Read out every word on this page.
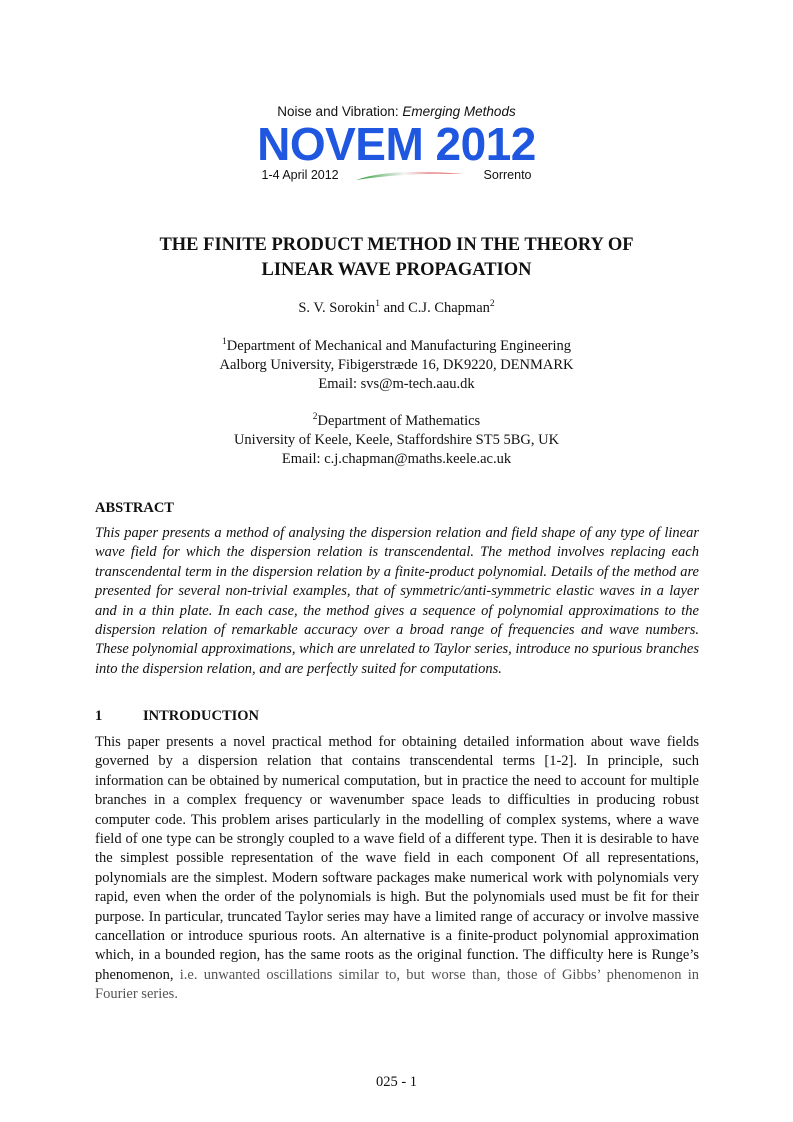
Noise and Vibration: Emerging Methods
NOVEM 2012
1-4 April 2012	Sorrento
THE FINITE PRODUCT METHOD IN THE THEORY OF
LINEAR WAVE PROPAGATION
S. V. Sorokin$^1$ and C.J. Chapman$^2$
$^1$Department of Mechanical and Manufacturing Engineering
Aalborg University, Fibigerstræde 16, DK9220, DENMARK
Email: svs@m-tech.aau.dk
$^2$Department of Mathematics
University of Keele, Keele, Staffordshire ST5 5BG, UK
Email: c.j.chapman@maths.keele.ac.uk
ABSTRACT
This paper presents a method of analysing the dispersion relation and field shape of any type of linear wave field for which the dispersion relation is transcendental. The method involves replacing each transcendental term in the dispersion relation by a finite-product polynomial. Details of the method are presented for several non-trivial examples, that of symmetric/anti-symmetric elastic waves in a layer and in a thin plate. In each case, the method gives a sequence of polynomial approximations to the dispersion relation of remarkable accuracy over a broad range of frequencies and wave numbers. These polynomial approximations, which are unrelated to Taylor series, introduce no spurious branches into the dispersion relation, and are perfectly suited for computations.
1	INTRODUCTION
This paper presents a novel practical method for obtaining detailed information about wave fields governed by a dispersion relation that contains transcendental terms [1-2]. In principle, such information can be obtained by numerical computation, but in practice the need to account for multiple branches in a complex frequency or wavenumber space leads to difficulties in producing robust computer code. This problem arises particularly in the modelling of complex systems, where a wave field of one type can be strongly coupled to a wave field of a different type. Then it is desirable to have the simplest possible representation of the wave field in each component Of all representations, polynomials are the simplest. Modern software packages make numerical work with polynomials very rapid, even when the order of the polynomials is high. But the polynomials used must be fit for their purpose. In particular, truncated Taylor series may have a limited range of accuracy or involve massive cancellation or introduce spurious roots. An alternative is a finite-product polynomial approximation which, in a bounded region, has the same roots as the original function. The difficulty here is Runge’s phenomenon, i.e. unwanted oscillations similar to, but worse than, those of Gibbs’ phenomenon in Fourier series.
025 - 1
